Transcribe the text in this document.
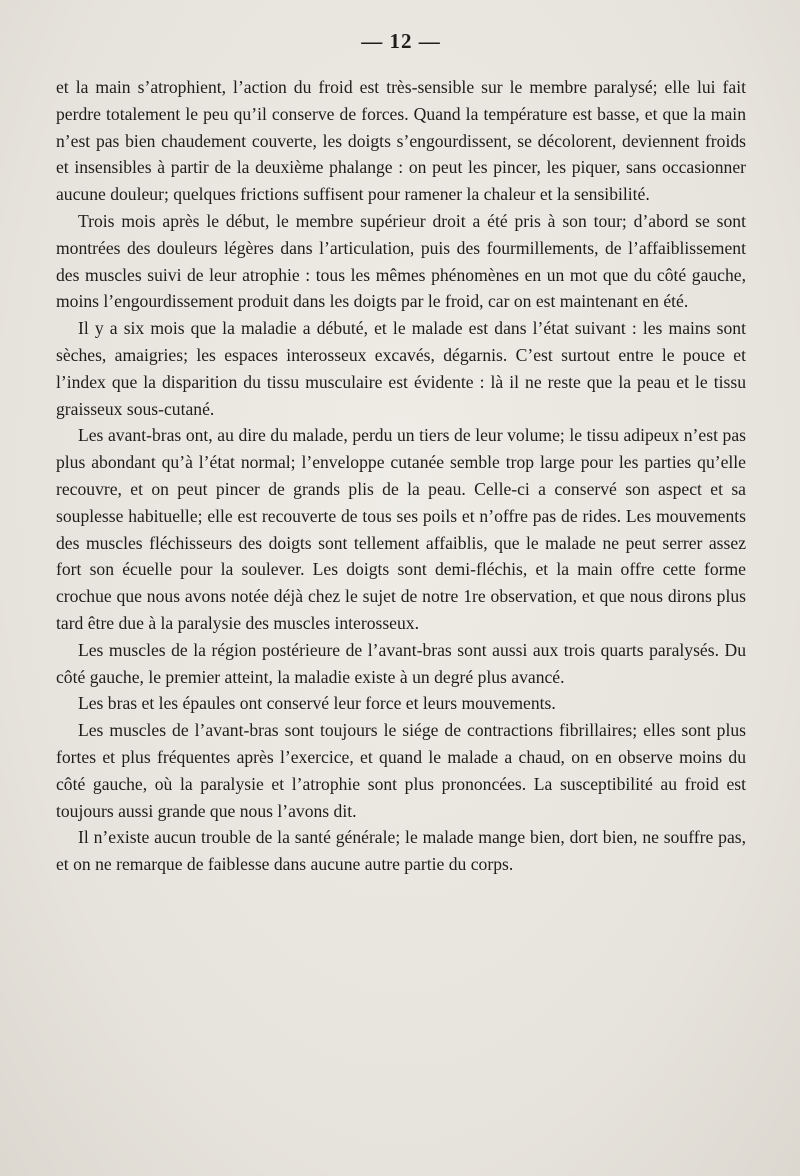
— 12 —

et la main s’atrophient, l’action du froid est très-sensible sur le membre paralysé; elle lui fait perdre totalement le peu qu’il conserve de forces. Quand la température est basse, et que la main n’est pas bien chaudement couverte, les doigts s’engourdissent, se décolorent, deviennent froids et insensibles à partir de la deuxième phalange : on peut les pincer, les piquer, sans occasionner aucune douleur; quelques frictions suffisent pour ramener la chaleur et la sensibilité.

Trois mois après le début, le membre supérieur droit a été pris à son tour; d’abord se sont montrées des douleurs légères dans l’articulation, puis des fourmillements, de l’affaiblissement des muscles suivi de leur atrophie : tous les mêmes phénomènes en un mot que du côté gauche, moins l’engourdissement produit dans les doigts par le froid, car on est maintenant en été.

Il y a six mois que la maladie a débuté, et le malade est dans l’état suivant : les mains sont sèches, amaigries; les espaces interosseux excavés, dégarnis. C’est surtout entre le pouce et l’index que la disparition du tissu musculaire est évidente : là il ne reste que la peau et le tissu graisseux sous-cutané.

Les avant-bras ont, au dire du malade, perdu un tiers de leur volume; le tissu adipeux n’est pas plus abondant qu’à l’état normal; l’enveloppe cutanée semble trop large pour les parties qu’elle recouvre, et on peut pincer de grands plis de la peau. Celle-ci a conservé son aspect et sa souplesse habituelle; elle est recouverte de tous ses poils et n’offre pas de rides. Les mouvements des muscles fléchisseurs des doigts sont tellement affaiblis, que le malade ne peut serrer assez fort son écuelle pour la soulever. Les doigts sont demi-fléchis, et la main offre cette forme crochue que nous avons notée déjà chez le sujet de notre 1re observation, et que nous dirons plus tard être due à la paralysie des muscles interosseux.

Les muscles de la région postérieure de l’avant-bras sont aussi aux trois quarts paralysés. Du côté gauche, le premier atteint, la maladie existe à un degré plus avancé.

Les bras et les épaules ont conservé leur force et leurs mouvements.

Les muscles de l’avant-bras sont toujours le siége de contractions fibrillaires; elles sont plus fortes et plus fréquentes après l’exercice, et quand le malade a chaud, on en observe moins du côté gauche, où la paralysie et l’atrophie sont plus prononcées. La susceptibilité au froid est toujours aussi grande que nous l’avons dit.

Il n’existe aucun trouble de la santé générale; le malade mange bien, dort bien, ne souffre pas, et on ne remarque de faiblesse dans aucune autre partie du corps.
